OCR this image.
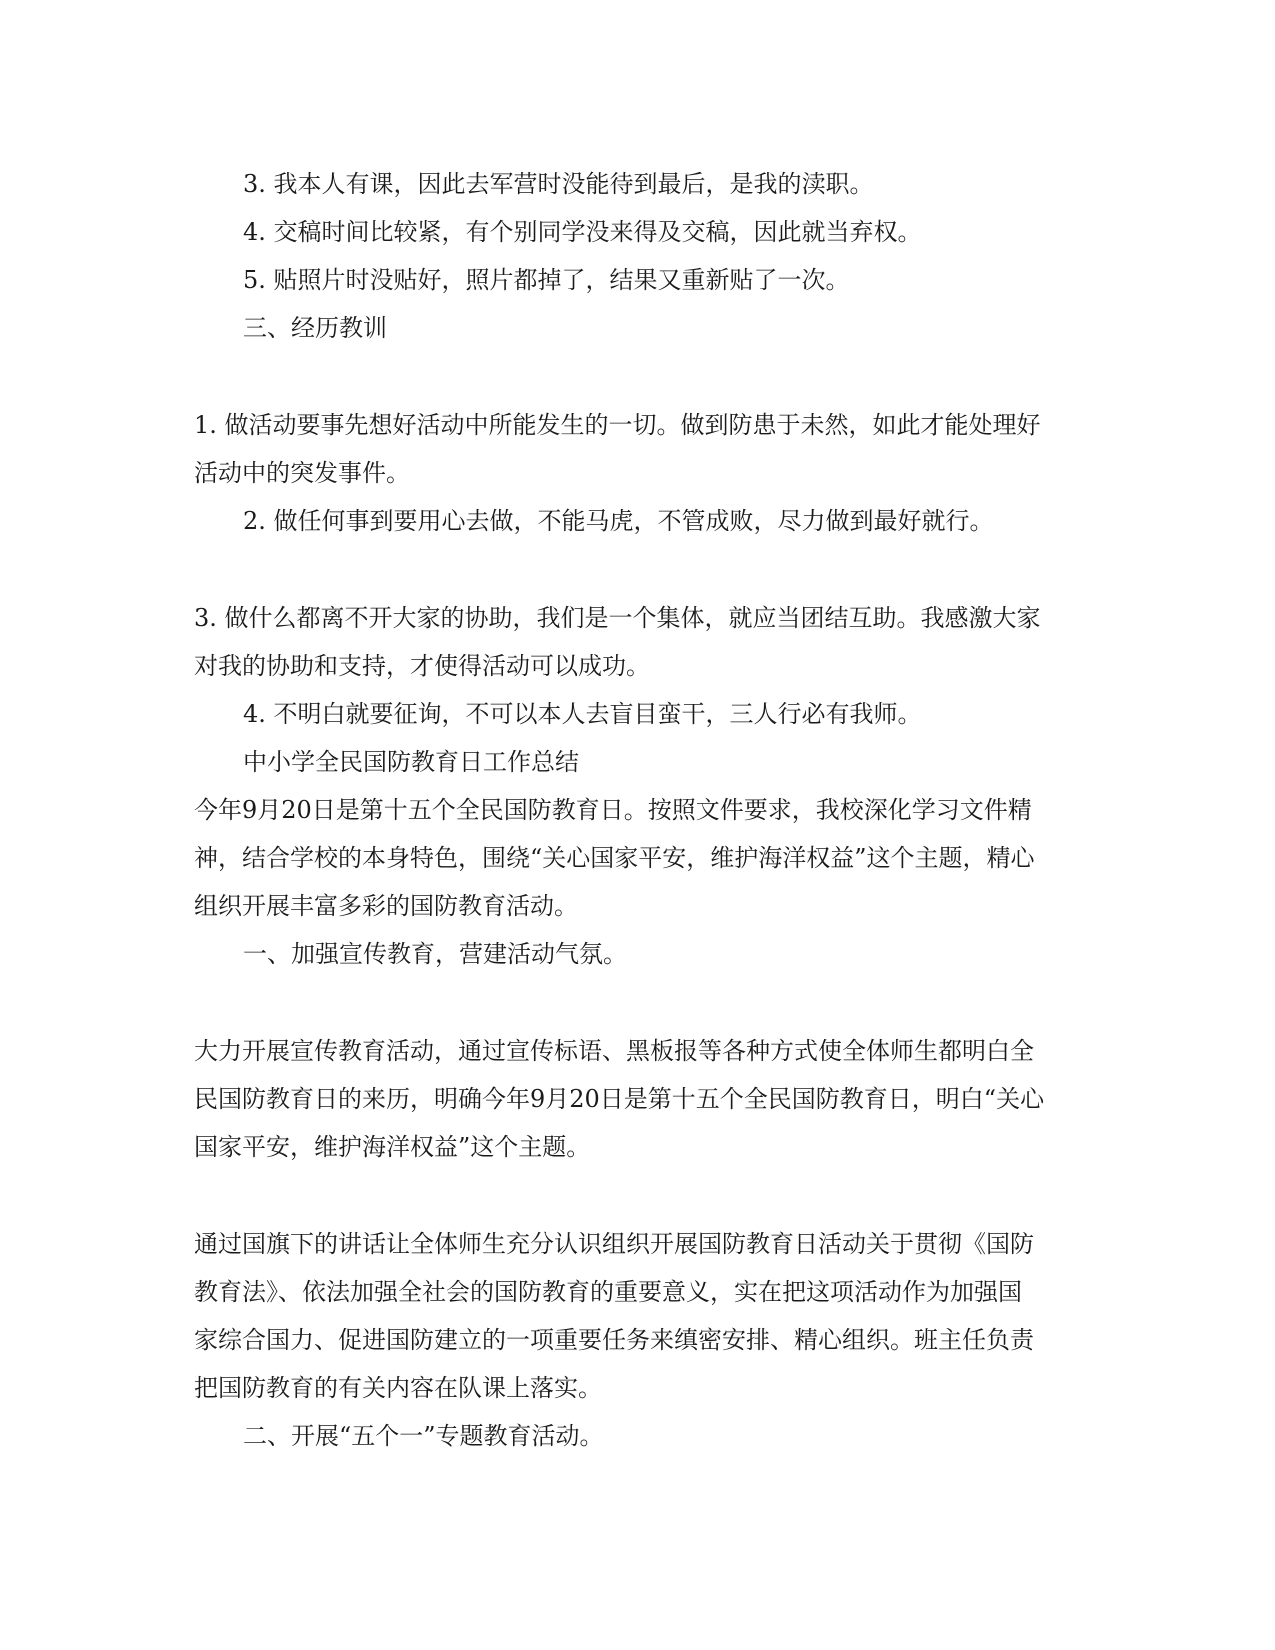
3. 我本人有课，因此去军营时没能待到最后，是我的渎职。
4. 交稿时间比较紧，有个别同学没来得及交稿，因此就当弃权。
5. 贴照片时没贴好，照片都掉了，结果又重新贴了一次。
三、经历教训
1. 做活动要事先想好活动中所能发生的一切。做到防患于未然，如此才能处理好
活动中的突发事件。
2. 做任何事到要用心去做，不能马虎，不管成败，尽力做到最好就行。
3. 做什么都离不开大家的协助，我们是一个集体，就应当团结互助。我感激大家
对我的协助和支持，才使得活动可以成功。
4. 不明白就要征询，不可以本人去盲目蛮干，三人行必有我师。
中小学全民国防教育日工作总结
今年9月20日是第十五个全民国防教育日。按照文件要求，我校深化学习文件精
神，结合学校的本身特色，围绕“关心国家平安，维护海洋权益”这个主题，精心
组织开展丰富多彩的国防教育活动。
一、加强宣传教育，营建活动气氛。
大力开展宣传教育活动，通过宣传标语、黑板报等各种方式使全体师生都明白全
民国防教育日的来历，明确今年9月20日是第十五个全民国防教育日，明白“关心
国家平安，维护海洋权益”这个主题。
通过国旗下的讲话让全体师生充分认识组织开展国防教育日活动关于贯彻《国防
教育法》、依法加强全社会的国防教育的重要意义，实在把这项活动作为加强国
家综合国力、促进国防建立的一项重要任务来缜密安排、精心组织。班主任负责
把国防教育的有关内容在队课上落实。
二、开展“五个一”专题教育活动。
